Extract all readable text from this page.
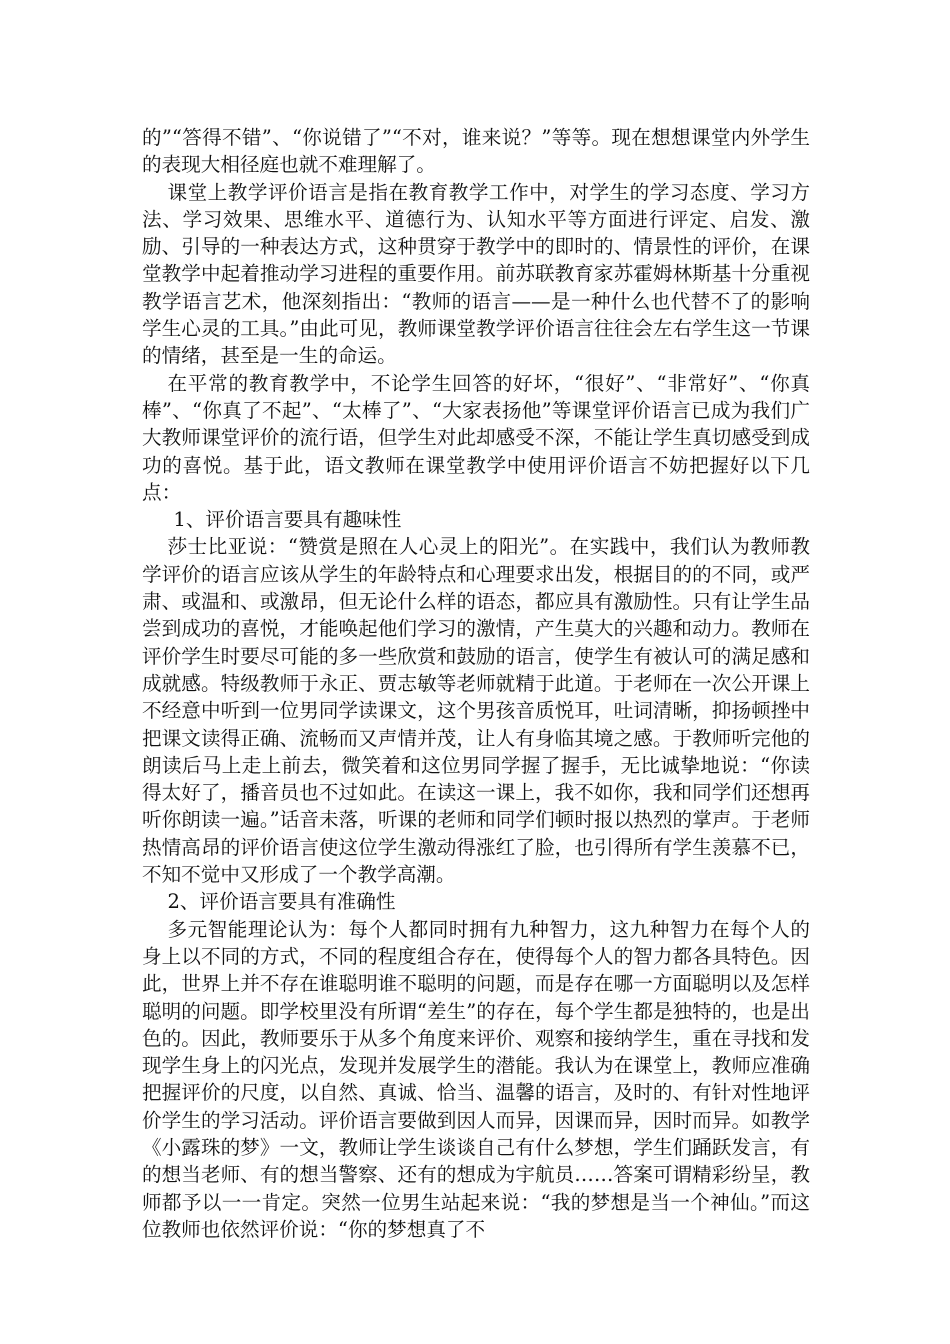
的”“答得不错”、“你说错了”“不对，谁来说？”等等。现在想想课堂内外学生的表现大相径庭也就不难理解了。

课堂上教学评价语言是指在教育教学工作中，对学生的学习态度、学习方法、学习效果、思维水平、道德行为、认知水平等方面进行评定、启发、激励、引导的一种表达方式，这种贯穿于教学中的即时的、情景性的评价，在课堂教学中起着推动学习进程的重要作用。前苏联教育家苏霍姆林斯基十分重视教学语言艺术，他深刻指出：“教师的语言——是一种什么也代替不了的影响学生心灵的工具。”由此可见，教师课堂教学评价语言往往会左右学生这一节课的情绪，甚至是一生的命运。

在平常的教育教学中，不论学生回答的好坏，“很好”、“非常好”、“你真棒”、“你真了不起”、“太棒了”、“大家表扬他”等课堂评价语言已成为我们广大教师课堂评价的流行语，但学生对此却感受不深，不能让学生真切感受到成功的喜悦。基于此，语文教师在课堂教学中使用评价语言不妨把握好以下几点：

1、评价语言要具有趣味性

莎士比亚说：“赞赏是照在人心灵上的阳光”。在实践中，我们认为教师教学评价的语言应该从学生的年龄特点和心理要求出发，根据目的的不同，或严肃、或温和、或激昂，但无论什么样的语态，都应具有激励性。只有让学生品尝到成功的喜悦，才能唤起他们学习的激情，产生莫大的兴趣和动力。教师在评价学生时要尽可能的多一些欣赏和鼓励的语言，使学生有被认可的满足感和成就感。特级教师于永正、贾志敏等老师就精于此道。于老师在一次公开课上不经意中听到一位男同学读课文，这个男孩音质悦耳，吐词清晰，抑扬顿挫中把课文读得正确、流畅而又声情并茂，让人有身临其境之感。于教师听完他的朗读后马上走上前去，微笑着和这位男同学握了握手，无比诚挚地说：“你读得太好了，播音员也不过如此。在读这一课上，我不如你，我和同学们还想再听你朗读一遍。”话音未落，听课的老师和同学们顿时报以热烈的掌声。于老师热情高昂的评价语言使这位学生激动得涨红了脸，也引得所有学生羡慕不已，不知不觉中又形成了一个教学高潮。

2、评价语言要具有准确性

多元智能理论认为：每个人都同时拥有九种智力，这九种智力在每个人的身上以不同的方式，不同的程度组合存在，使得每个人的智力都各具特色。因此，世界上并不存在谁聪明谁不聪明的问题，而是存在哪一方面聪明以及怎样聪明的问题。即学校里没有所谓“差生”的存在，每个学生都是独特的，也是出色的。因此，教师要乐于从多个角度来评价、观察和接纳学生，重在寻找和发现学生身上的闪光点，发现并发展学生的潜能。我认为在课堂上，教师应准确把握评价的尺度，以自然、真诚、恰当、温馨的语言，及时的、有针对性地评价学生的学习活动。评价语言要做到因人而异，因课而异，因时而异。如教学《小露珠的梦》一文，教师让学生谈谈自己有什么梦想，学生们踊跃发言，有的想当老师、有的想当警察、还有的想成为宇航员……答案可谓精彩纷呈，教师都予以一一肯定。突然一位男生站起来说：“我的梦想是当一个神仙。”而这位教师也依然评价说：“你的梦想真了不
